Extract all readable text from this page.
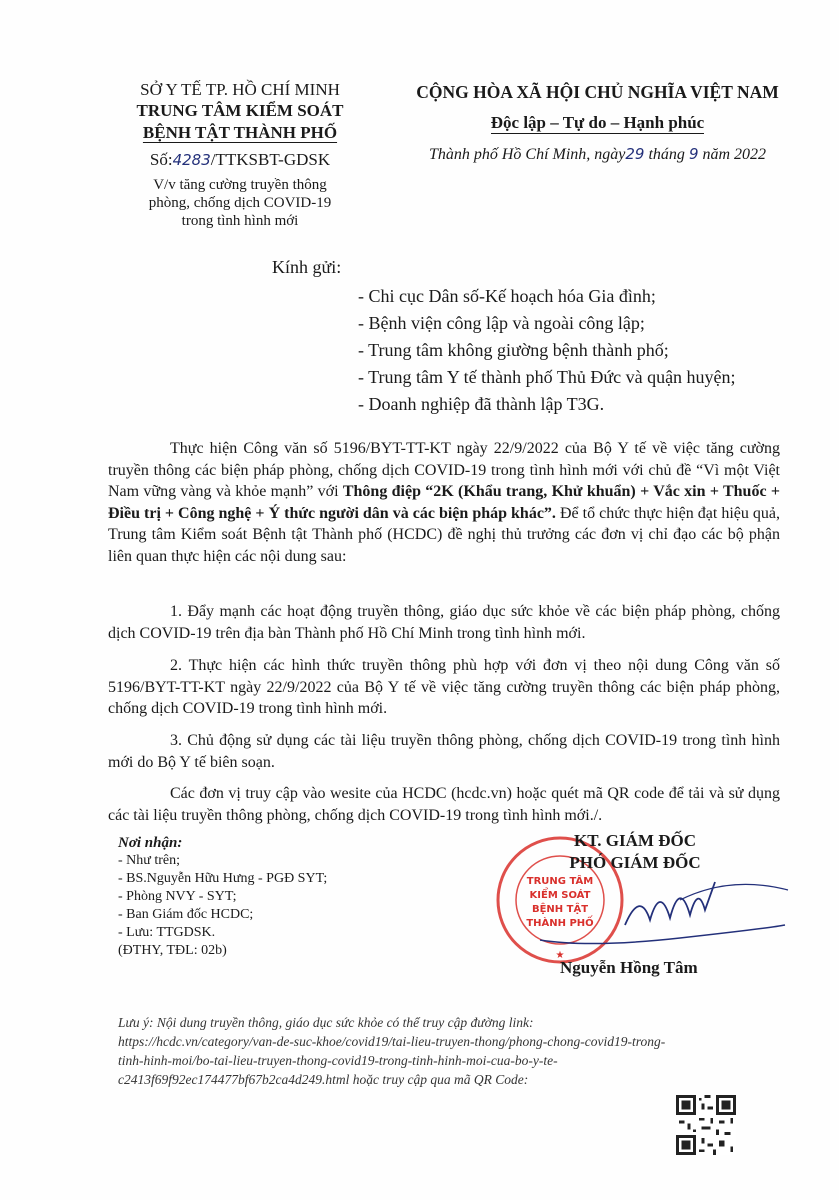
SỞ Y TẾ TP. HỒ CHÍ MINH
TRUNG TÂM KIỂM SOÁT
BỆNH TẬT THÀNH PHỐ
Số:4283/TTKSBT-GDSK
V/v tăng cường truyền thông
phòng, chống dịch COVID-19
trong tình hình mới
CỘNG HÒA XÃ HỘI CHỦ NGHĨA VIỆT NAM
Độc lập – Tự do – Hạnh phúc
Thành phố Hồ Chí Minh, ngày29 tháng 9 năm 2022
Kính gửi:
- Chi cục Dân số-Kế hoạch hóa Gia đình;
- Bệnh viện công lập và ngoài công lập;
- Trung tâm không giường bệnh thành phố;
- Trung tâm Y tế thành phố Thủ Đức và quận huyện;
- Doanh nghiệp đã thành lập T3G.

Thực hiện Công văn số 5196/BYT-TT-KT ngày 22/9/2022 của Bộ Y tế về việc tăng cường truyền thông các biện pháp phòng, chống dịch COVID-19 trong tình hình mới với chủ đề “Vì một Việt Nam vững vàng và khỏe mạnh” với Thông điệp “2K (Khẩu trang, Khử khuẩn) + Vắc xin + Thuốc + Điều trị + Công nghệ + Ý thức người dân và các biện pháp khác”. Để tổ chức thực hiện đạt hiệu quả, Trung tâm Kiểm soát Bệnh tật Thành phố (HCDC) đề nghị thủ trưởng các đơn vị chỉ đạo các bộ phận liên quan thực hiện các nội dung sau:

1. Đẩy mạnh các hoạt động truyền thông, giáo dục sức khỏe về các biện pháp phòng, chống dịch COVID-19 trên địa bàn Thành phố Hồ Chí Minh trong tình hình mới.

2. Thực hiện các hình thức truyền thông phù hợp với đơn vị theo nội dung Công văn số 5196/BYT-TT-KT ngày 22/9/2022 của Bộ Y tế về việc tăng cường truyền thông các biện pháp phòng, chống dịch COVID-19 trong tình hình mới.

3. Chủ động sử dụng các tài liệu truyền thông phòng, chống dịch COVID-19 trong tình hình mới do Bộ Y tế biên soạn.

Các đơn vị truy cập vào wesite của HCDC (hcdc.vn) hoặc quét mã QR code để tải và sử dụng các tài liệu truyền thông phòng, chống dịch COVID-19 trong tình hình mới./.

Nơi nhận:
- Như trên;
- BS.Nguyễn Hữu Hưng - PGĐ SYT;
- Phòng NVY - SYT;
- Ban Giám đốc HCDC;
- Lưu: TTGDSK.
(ĐTHY, TĐL: 02b)
TRUNG TÂM
KIỂM SOÁT
BỆNH TẬT
THÀNH PHỐ
★
KT. GIÁM ĐỐC
PHÓ GIÁM ĐỐC
Nguyễn Hồng Tâm
Lưu ý: Nội dung truyền thông, giáo dục sức khỏe có thể truy cập đường link:
https://hcdc.vn/category/van-de-suc-khoe/covid19/tai-lieu-truyen-thong/phong-chong-covid19-trong-
tinh-hinh-moi/bo-tai-lieu-truyen-thong-covid19-trong-tinh-hinh-moi-cua-bo-y-te-
c2413f69f92ec174477bf67b2ca4d249.html hoặc truy cập qua mã QR Code:
